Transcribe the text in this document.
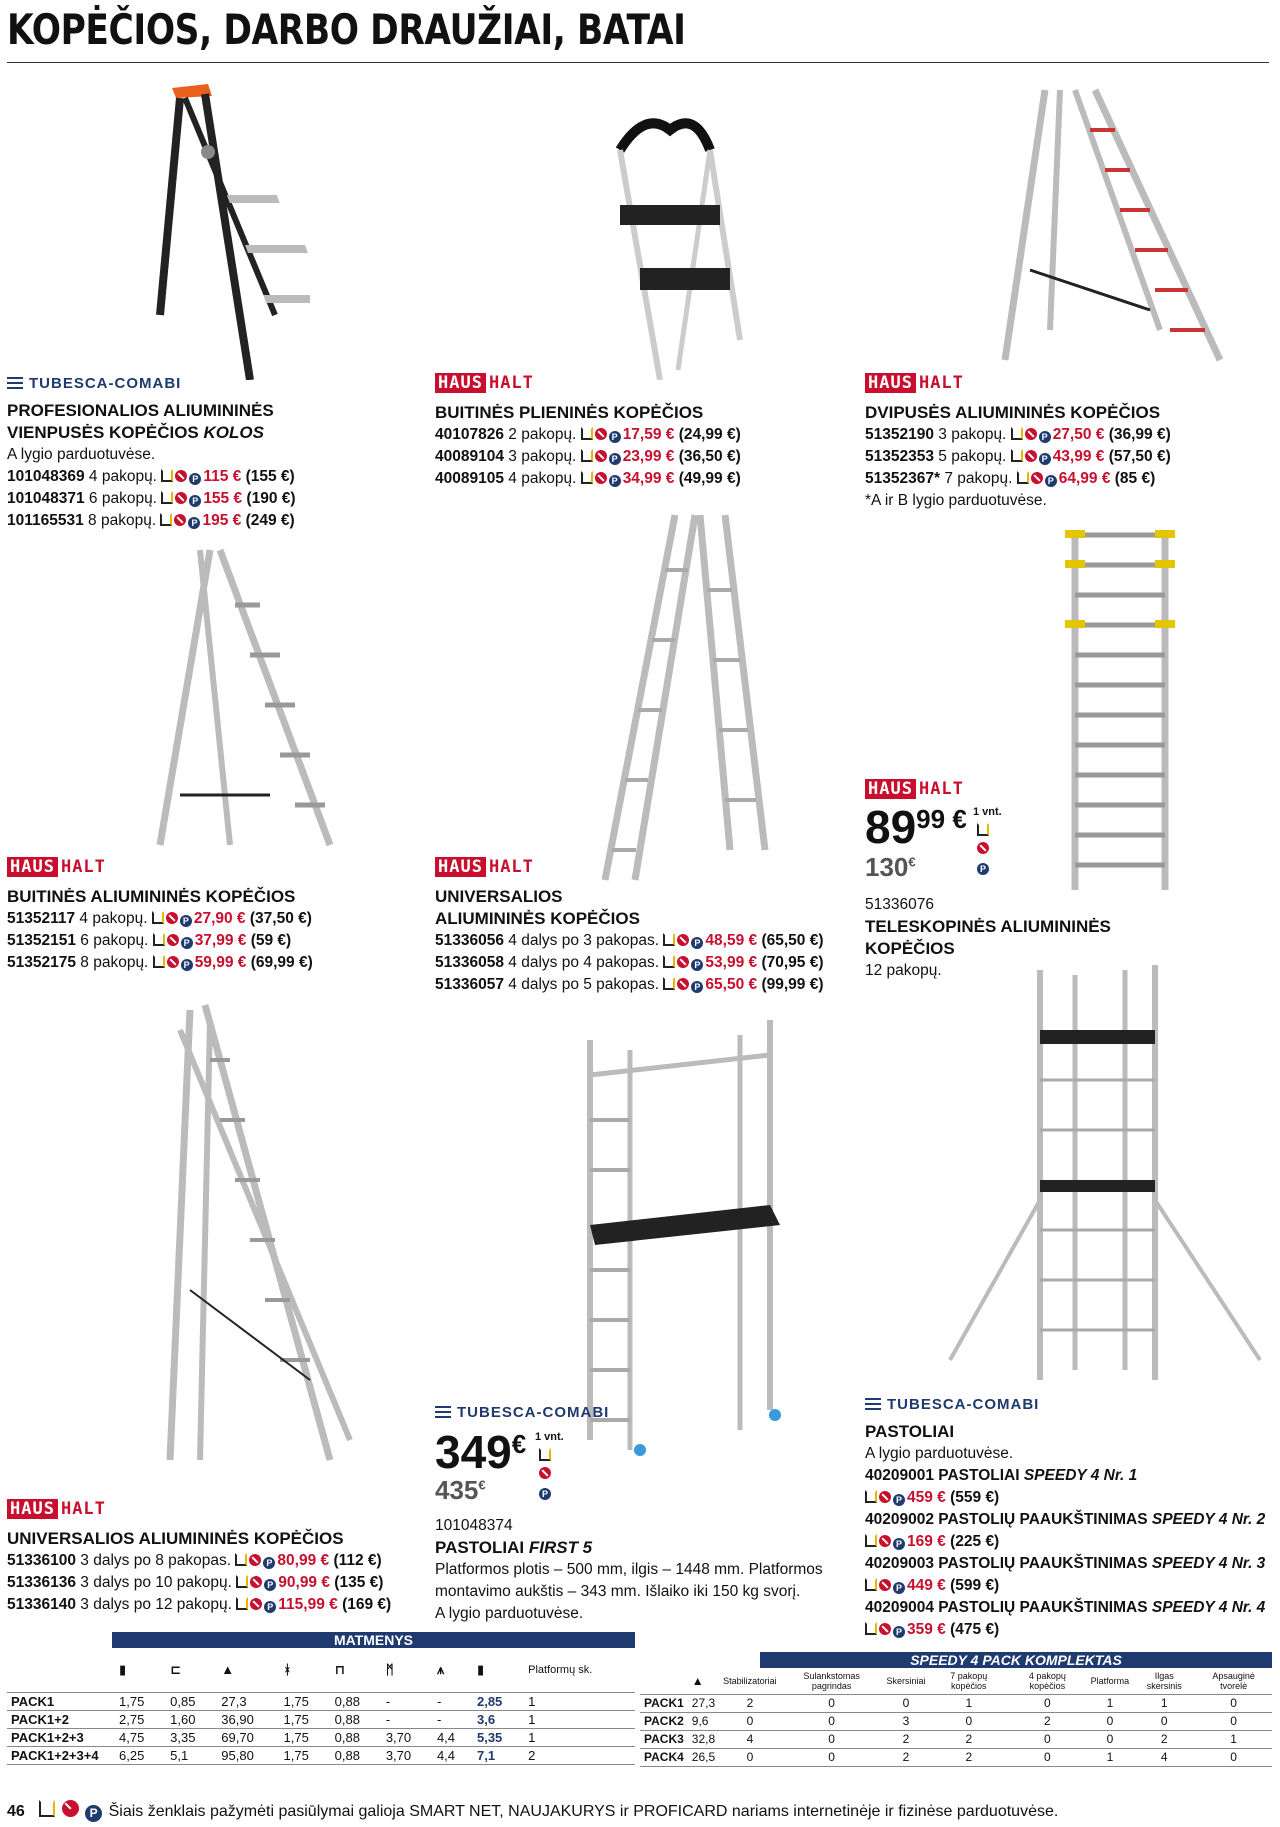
KOPĖČIOS, DARBO DRAUŽIAI, BATAI
TUBESCA-COMABI
PROFESIONALIOS ALIUMININĖS
VIENPUSĖS KOPĖČIOS KOLOS
A lygio parduotuvėse.
101048369 4 pakopų.	P 115 € (155 €)
101048371 6 pakopų.	P 155 € (190 €)
101165531 8 pakopų.	P 195 € (249 €)
HAUS HALT
BUITINĖS PLIENINĖS KOPĖČIOS
40107826 2 pakopų.	P 17,59 € (24,99 €)
40089104 3 pakopų.	P 23,99 € (36,50 €)
40089105 4 pakopų.	P 34,99 € (49,99 €)
HAUS HALT
DVIPUSĖS ALIUMININĖS KOPĖČIOS
51352190 3 pakopų.	P 27,50 € (36,99 €)
51352353 5 pakopų.	P 43,99 € (57,50 €)
51352367* 7 pakopų.	P 64,99 € (85 €)
*A ir B lygio parduotuvėse.
HAUS HALT
BUITINĖS ALIUMININĖS KOPĖČIOS
51352117 4 pakopų.	P 27,90 € (37,50 €)
51352151 6 pakopų.	P 37,99 € (59 €)
51352175 8 pakopų.	P 59,99 € (69,99 €)
HAUS HALT
UNIVERSALIOS
ALIUMININĖS KOPĖČIOS
51336056 4 dalys po 3 pakopas.	P 48,59 € (65,50 €)
51336058 4 dalys po 4 pakopas.	P 53,99 € (70,95 €)
51336057 4 dalys po 5 pakopas.	P 65,50 € (99,99 €)
HAUS HALT
$89^{99 €}$ 1 vnt.

P
130€
51336076
TELESKOPINĖS ALIUMININĖS KOPĖČIOS
12 pakopų.
HAUS HALT
UNIVERSALIOS ALIUMININĖS KOPĖČIOS
51336100 3 dalys po 8 pakopas.	P 80,99 € (112 €)
51336136 3 dalys po 10 pakopų.	P 90,99 € (135 €)
51336140 3 dalys po 12 pakopų.	P 115,99 € (169 €)
TUBESCA-COMABI
349€ 1 vnt.

P
435€
101048374
PASTOLIAI FIRST 5
Platformos plotis – 500 mm, ilgis – 1448 mm. Platformos
montavimo aukštis – 343 mm. Išlaiko iki 150 kg svorį.
A lygio parduotuvėse.
TUBESCA-COMABI
PASTOLIAI
A lygio parduotuvėse.
40209001 PASTOLIAI SPEEDY 4 Nr. 1
P 459 € (559 €)
40209002 PASTOLIŲ PAAUKŠTINIMAS SPEEDY 4 Nr. 2
P 169 € (225 €)
40209003 PASTOLIŲ PAAUKŠTINIMAS SPEEDY 4 Nr. 3
P 449 € (599 €)
40209004 PASTOLIŲ PAAUKŠTINIMAS SPEEDY 4 Nr. 4
P 359 € (475 €)
MATMENYS
	▮	⊏	▲	ᚼ	⊓	ᛗ	⩚	▮	Platformų sk.
PACK1	1,75	0,85	27,3	1,75	0,88	-	-	2,85	1
PACK1+2	2,75	1,60	36,90	1,75	0,88	-	-	3,6	1
PACK1+2+3	4,75	3,35	69,70	1,75	0,88	3,70	4,4	5,35	1
PACK1+2+3+4	6,25	5,1	95,80	1,75	0,88	3,70	4,4	7,1	2
SPEEDY 4 PACK KOMPLEKTAS
	▲	Stabilizatoriai	Sulankstomas pagrindas	Skersiniai	7 pakopų kopėčios	4 pakopų kopėčios	Platforma	Ilgas skersinis	Apsauginė tvorelė
PACK1	27,3	2	0	0	1	0	1	1	0
PACK2	9,6	0	0	3	0	2	0	0	0
PACK3	32,8	4	0	2	2	0	0	2	1
PACK4	26,5	0	0	2	2	0	1	4	0
46	P Šiais ženklais pažymėti pasiūlymai galioja SMART NET, NAUJAKURYS ir PROFICARD nariams internetinėje ir fizinėse parduotuvėse.
